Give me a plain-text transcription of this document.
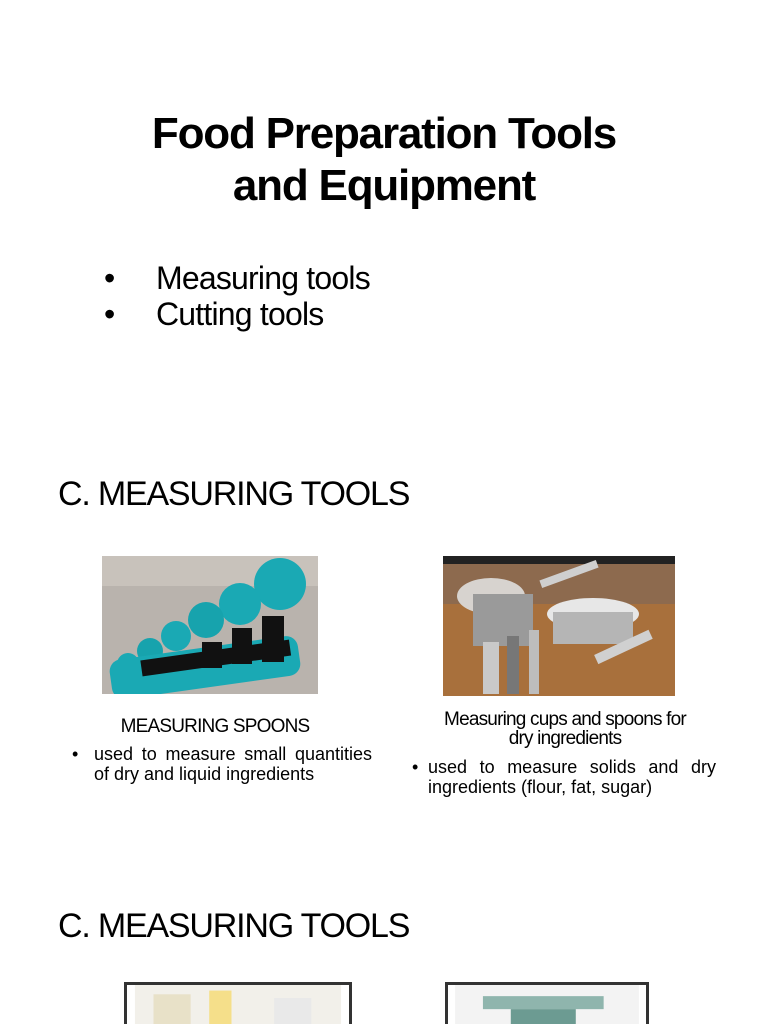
Food Preparation Tools
and Equipment
•	Measuring tools
•	Cutting tools
C. MEASURING TOOLS
MEASURING SPOONS
• used to measure small quantities of dry and liquid ingredients
Measuring cups and spoons for
dry ingredients
• used to measure solids and dry ingredients (flour, fat, sugar)
C. MEASURING TOOLS
